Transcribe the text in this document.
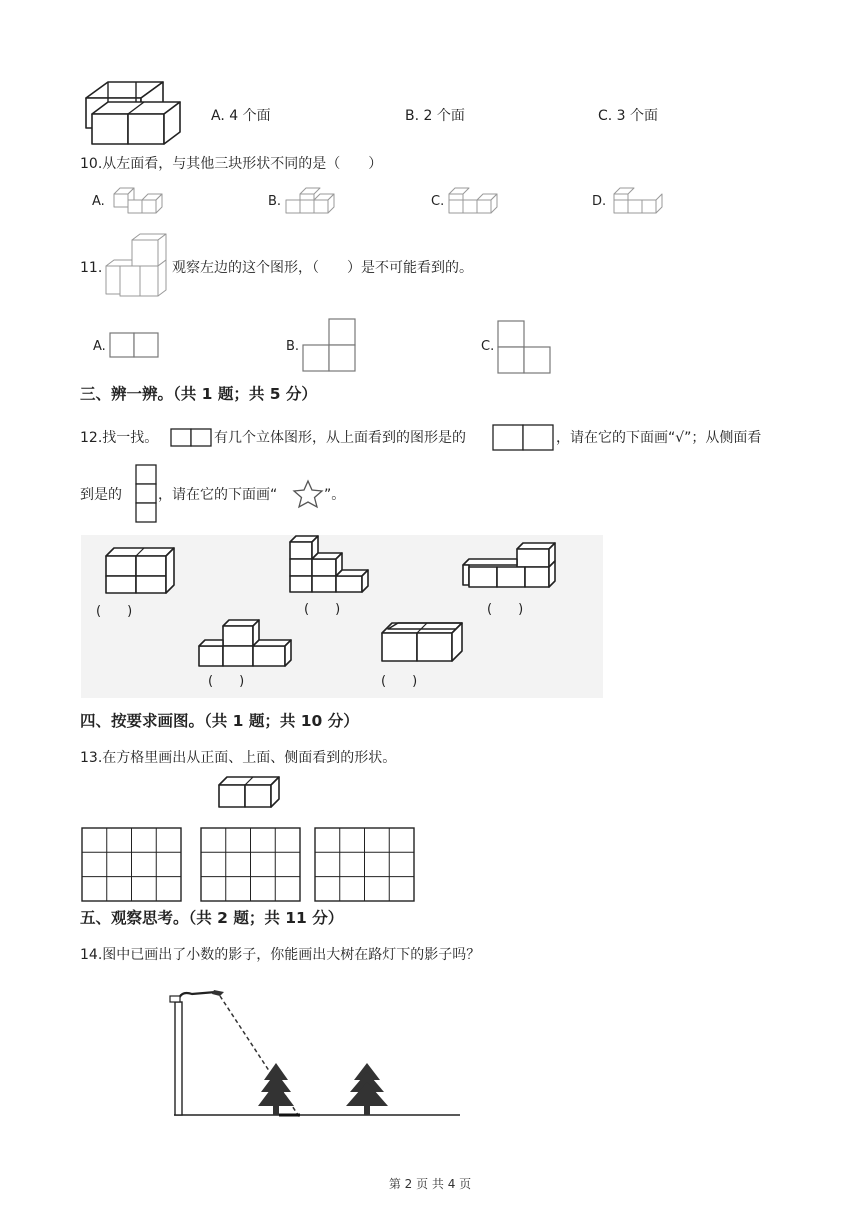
A. 4 个面	B. 2 个面	C. 3 个面
10.从左面看，与其他三块形状不同的是（　　）
A.	B.	C.	D.
11.	观察左边的这个图形，（　　）是不可能看到的。
A.	B.	C.
三、辨一辨。（共 1 题；共 5 分）
12.找一找。	有几个立体图形，从上面看到的图形是的	，请在它的下面画“√”；从侧面看
到是的	，请在它的下面画“	”。
(　　)	(　　)	(　　)
(　　)	(　　)
四、按要求画图。（共 1 题；共 10 分）
13.在方格里画出从正面、上面、侧面看到的形状。
五、观察思考。（共 2 题；共 11 分）
14.图中已画出了小数的影子，你能画出大树在路灯下的影子吗？
第 2 页 共 4 页
